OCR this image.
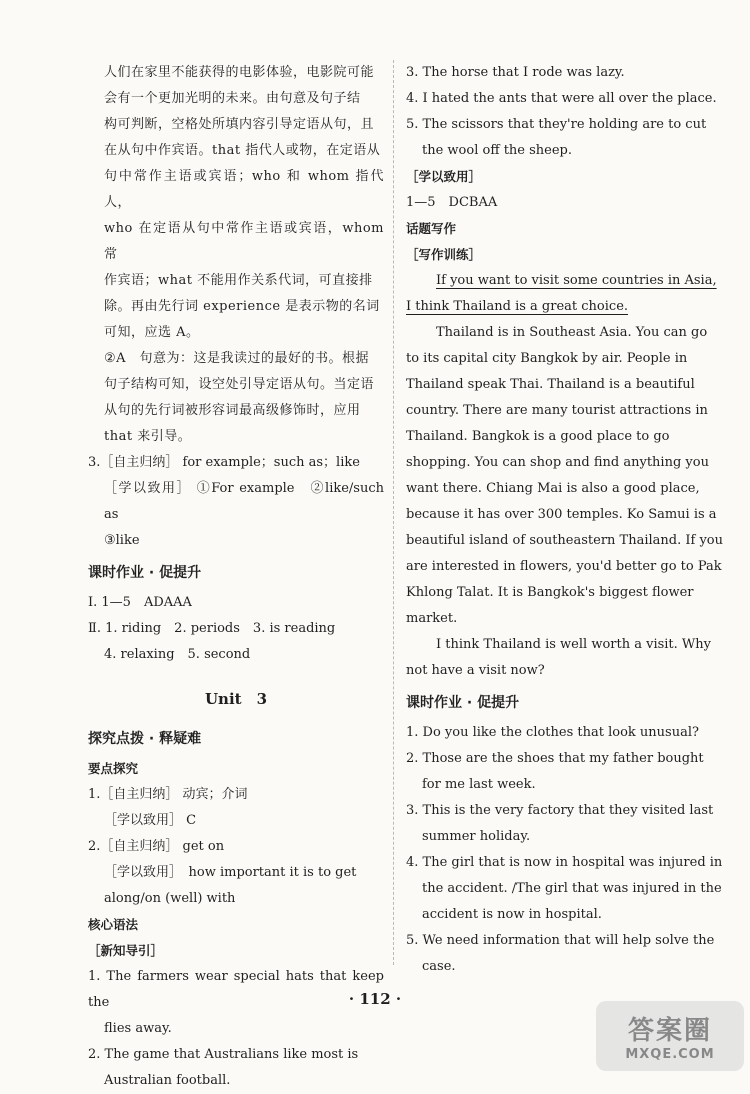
人们在家里不能获得的电影体验，电影院可能

会有一个更加光明的未来。由句意及句子结

构可判断，空格处所填内容引导定语从句，且

在从句中作宾语。that 指代人或物，在定语从

句中常作主语或宾语；who 和 whom 指代人，

who 在定语从句中常作主语或宾语，whom 常

作宾语；what 不能用作关系代词，可直接排

除。再由先行词 experience 是表示物的名词

可知，应选 A。

②A　句意为：这是我读过的最好的书。根据

句子结构可知，设空处引导定语从句。当定语

从句的先行词被形容词最高级修饰时，应用

that 来引导。

3.［自主归纳］ for example；such as；like

［学以致用］ ①For example　②like/such as

③like

课时作业 · 促提升

Ⅰ. 1—5　ADAAA

Ⅱ. 1. riding　2. periods　3. is reading

4. relaxing　5. second

Unit　3
探究点拨 · 释疑难
要点探究

1.［自主归纳］ 动宾；介词

［学以致用］ C

2.［自主归纳］ get on

［学以致用］　how important it is to get

along/on (well) with

核心语法
［新知导引］

1. The farmers wear special hats that keep the

flies away.

2. The game that Australians like most is

Australian football.

3. The horse that I rode was lazy.

4. I hated the ants that were all over the place.

5. The scissors that they're holding are to cut

the wool off the sheep.

［学以致用］

1—5　DCBAA

话题写作
［写作训练］

If you want to visit some countries in Asia,

I think Thailand is a great choice.

Thailand is in Southeast Asia. You can go

to its capital city Bangkok by air. People in

Thailand speak Thai. Thailand is a beautiful

country. There are many tourist attractions in

Thailand. Bangkok is a good place to go

shopping. You can shop and find anything you

want there. Chiang Mai is also a good place,

because it has over 300 temples. Ko Samui is a

beautiful island of southeastern Thailand. If you

are interested in flowers, you'd better go to Pak

Khlong Talat. It is Bangkok's biggest flower

market.

I think Thailand is well worth a visit. Why

not have a visit now?

课时作业 · 促提升

1. Do you like the clothes that look unusual?

2. Those are the shoes that my father bought

for me last week.

3. This is the very factory that they visited last

summer holiday.

4. The girl that is now in hospital was injured in

the accident. /The girl that was injured in the

accident is now in hospital.

5. We need information that will help solve the

case.

· 112 ·
答案圈
MXQE.COM
